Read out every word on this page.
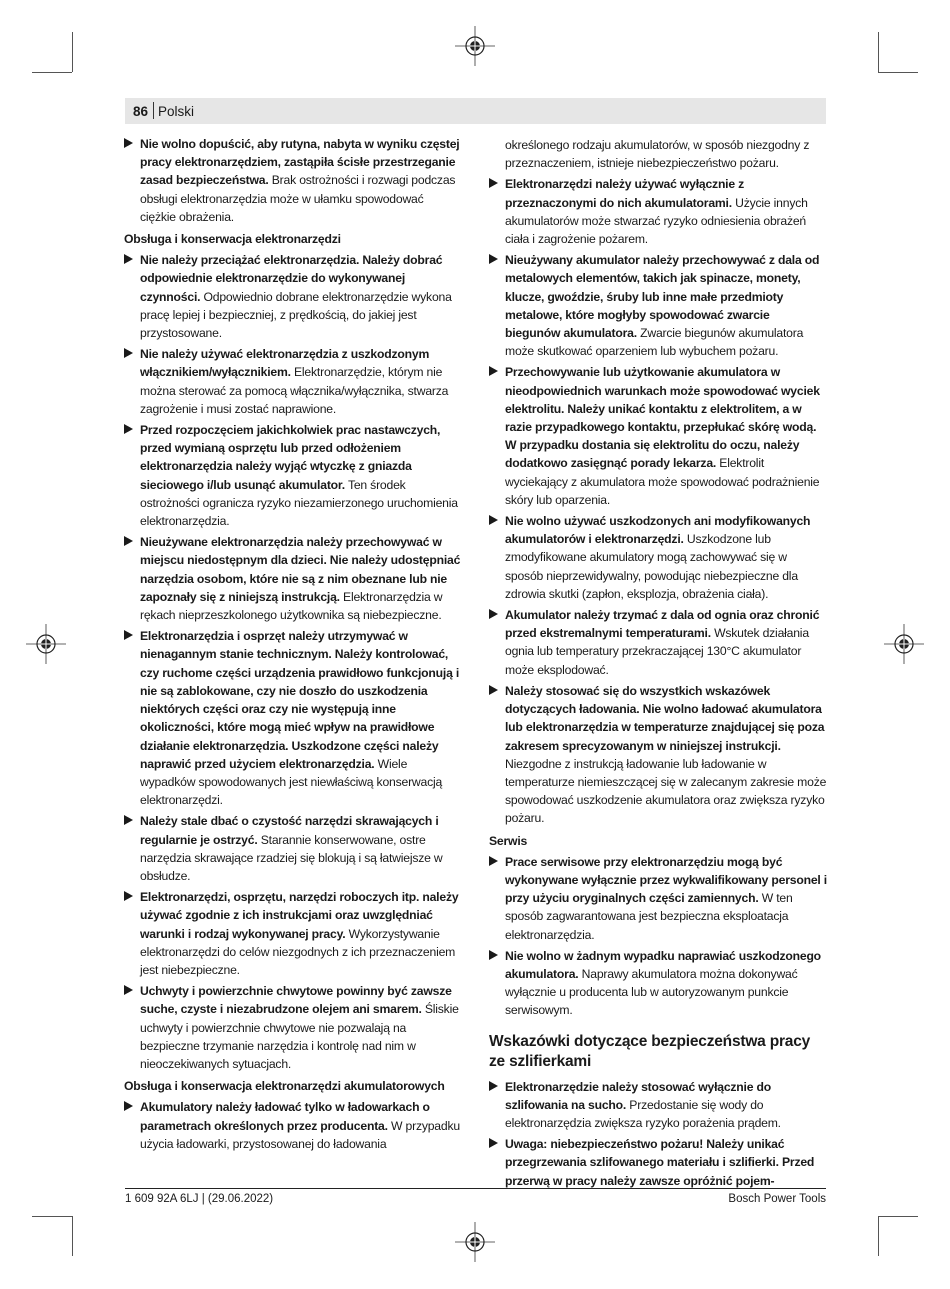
86 Polski
Nie wolno dopuścić, aby rutyna, nabyta w wyniku częstej pracy elektronarzędziem, zastąpiła ścisłe przestrzeganie zasad bezpieczeństwa. Brak ostrożności i rozwagi podczas obsługi elektronarzędzia może w ułamku spowodować ciężkie obrażenia.
Obsługa i konserwacja elektronarzędzi
Nie należy przeciążać elektronarzędzia. Należy dobrać odpowiednie elektronarzędzie do wykonywanej czynności. Odpowiednio dobrane elektronarzędzie wykona pracę lepiej i bezpieczniej, z prędkością, do jakiej jest przystosowane.
Nie należy używać elektronarzędzia z uszkodzonym włącznikiem/wyłącznikiem. Elektronarzędzie, którym nie można sterować za pomocą włącznika/wyłącznika, stwarza zagrożenie i musi zostać naprawione.
Przed rozpoczęciem jakichkolwiek prac nastawczych, przed wymianą osprzętu lub przed odłożeniem elektronarzędzia należy wyjąć wtyczkę z gniazda sieciowego i/lub usunąć akumulator. Ten środek ostrożności ogranicza ryzyko niezamierzonego uruchomienia elektronarzędzia.
Nieużywane elektronarzędzia należy przechowywać w miejscu niedostępnym dla dzieci. Nie należy udostępniać narzędzia osobom, które nie są z nim obeznane lub nie zapoznały się z niniejszą instrukcją. Elektronarzędzia w rękach nieprzeszkolonego użytkownika są niebezpieczne.
Elektronarzędzia i osprzęt należy utrzymywać w nienagannym stanie technicznym. Należy kontrolować, czy ruchome części urządzenia prawidłowo funkcjonują i nie są zablokowane, czy nie doszło do uszkodzenia niektórych części oraz czy nie występują inne okoliczności, które mogą mieć wpływ na prawidłowe działanie elektronarzędzia. Uszkodzone części należy naprawić przed użyciem elektronarzędzia. Wiele wypadków spowodowanych jest niewłaściwą konserwacją elektronarzędzi.
Należy stale dbać o czystość narzędzi skrawających i regularnie je ostrzyć. Starannie konserwowane, ostre narzędzia skrawające rzadziej się blokują i są łatwiejsze w obsłudze.
Elektronarzędzi, osprzętu, narzędzi roboczych itp. należy używać zgodnie z ich instrukcjami oraz uwzględniać warunki i rodzaj wykonywanej pracy. Wykorzystywanie elektronarzędzi do celów niezgodnych z ich przeznaczeniem jest niebezpieczne.
Uchwyty i powierzchnie chwytowe powinny być zawsze suche, czyste i niezabrudzone olejem ani smarem. Śliskie uchwyty i powierzchnie chwytowe nie pozwalają na bezpieczne trzymanie narzędzia i kontrolę nad nim w nieoczekiwanych sytuacjach.
Obsługa i konserwacja elektronarzędzi akumulatorowych
Akumulatory należy ładować tylko w ładowarkach o parametrach określonych przez producenta. W przypadku użycia ładowarki, przystosowanej do ładowania
określonego rodzaju akumulatorów, w sposób niezgodny z przeznaczeniem, istnieje niebezpieczeństwo pożaru.
Elektronarzędzi należy używać wyłącznie z przeznaczonymi do nich akumulatorami. Użycie innych akumulatorów może stwarzać ryzyko odniesienia obrażeń ciała i zagrożenie pożarem.
Nieużywany akumulator należy przechowywać z dala od metalowych elementów, takich jak spinacze, monety, klucze, gwoździe, śruby lub inne małe przedmioty metalowe, które mogłyby spowodować zwarcie biegunów akumulatora. Zwarcie biegunów akumulatora może skutkować oparzeniem lub wybuchem pożaru.
Przechowywanie lub użytkowanie akumulatora w nieodpowiednich warunkach może spowodować wyciek elektrolitu. Należy unikać kontaktu z elektrolitem, a w razie przypadkowego kontaktu, przepłukać skórę wodą. W przypadku dostania się elektrolitu do oczu, należy dodatkowo zasięgnąć porady lekarza. Elektrolit wyciekający z akumulatora może spowodować podrażnienie skóry lub oparzenia.
Nie wolno używać uszkodzonych ani modyfikowanych akumulatorów i elektronarzędzi. Uszkodzone lub zmodyfikowane akumulatory mogą zachowywać się w sposób nieprzewidywalny, powodując niebezpieczne dla zdrowia skutki (zapłon, eksplozja, obrażenia ciała).
Akumulator należy trzymać z dala od ognia oraz chronić przed ekstremalnymi temperaturami. Wskutek działania ognia lub temperatury przekraczającej 130°C akumulator może eksplodować.
Należy stosować się do wszystkich wskazówek dotyczących ładowania. Nie wolno ładować akumulatora lub elektronarzędzia w temperaturze znajdującej się poza zakresem sprecyzowanym w niniejszej instrukcji. Niezgodne z instrukcją ładowanie lub ładowanie w temperaturze niemieszczącej się w zalecanym zakresie może spowodować uszkodzenie akumulatora oraz zwiększa ryzyko pożaru.
Serwis
Prace serwisowe przy elektronarzędziu mogą być wykonywane wyłącznie przez wykwalifikowany personel i przy użyciu oryginalnych części zamiennych. W ten sposób zagwarantowana jest bezpieczna eksploatacja elektronarzędzia.
Nie wolno w żadnym wypadku naprawiać uszkodzonego akumulatora. Naprawy akumulatora można dokonywać wyłącznie u producenta lub w autoryzowanym punkcie serwisowym.
Wskazówki dotyczące bezpieczeństwa pracy ze szlifierkami
Elektronarzędzie należy stosować wyłącznie do szlifowania na sucho. Przedostanie się wody do elektronarzędzia zwiększa ryzyko porażenia prądem.
Uwaga: niebezpieczeństwo pożaru! Należy unikać przegrzewania szlifowanego materiału i szlifierki. Przed przerwą w pracy należy zawsze opróżnić pojem-
1 609 92A 6LJ | (29.06.2022)	Bosch Power Tools
